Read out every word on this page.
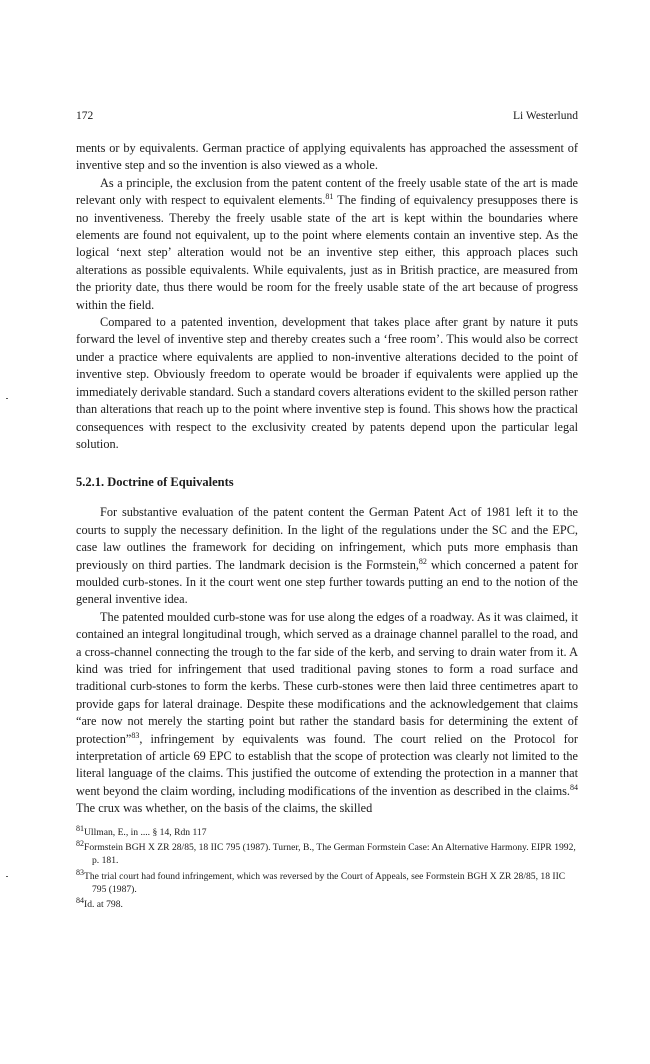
172	Li Westerlund

ments or by equivalents. German practice of applying equivalents has approached the assessment of inventive step and so the invention is also viewed as a whole.

As a principle, the exclusion from the patent content of the freely usable state of the art is made relevant only with respect to equivalent elements.$^{81}$ The finding of equivalency presupposes there is no inventiveness. Thereby the freely usable state of the art is kept within the boundaries where elements are found not equivalent, up to the point where elements contain an inventive step. As the logical ‘next step’ alteration would not be an inventive step either, this approach places such alterations as possible equivalents. While equivalents, just as in British practice, are measured from the priority date, thus there would be room for the freely usable state of the art because of progress within the field.

Compared to a patented invention, development that takes place after grant by nature it puts forward the level of inventive step and thereby creates such a ‘free room’. This would also be correct under a practice where equivalents are applied to non-inventive alterations decided to the point of inventive step. Obviously freedom to operate would be broader if equivalents were applied up the immediately derivable standard. Such a standard covers alterations evident to the skilled person rather than alterations that reach up to the point where inventive step is found. This shows how the practical consequences with respect to the exclusivity created by patents depend upon the particular legal solution.

5.2.1. Doctrine of Equivalents

For substantive evaluation of the patent content the German Patent Act of 1981 left it to the courts to supply the necessary definition. In the light of the regulations under the SC and the EPC, case law outlines the framework for deciding on infringement, which puts more emphasis than previously on third parties. The landmark decision is the Formstein,$^{82}$ which concerned a patent for moulded curb-stones. In it the court went one step further towards putting an end to the notion of the general inventive idea.

The patented moulded curb-stone was for use along the edges of a roadway. As it was claimed, it contained an integral longitudinal trough, which served as a drainage channel parallel to the road, and a cross-channel connecting the trough to the far side of the kerb, and serving to drain water from it. A kind was tried for infringement that used traditional paving stones to form a road surface and traditional curb-stones to form the kerbs. These curb-stones were then laid three centimetres apart to provide gaps for lateral drainage. Despite these modifications and the acknowledgement that claims “are now not merely the starting point but rather the standard basis for determining the extent of protection”$^{83}$, infringement by equivalents was found. The court relied on the Protocol for interpretation of article 69 EPC to establish that the scope of protection was clearly not limited to the literal language of the claims. This justified the outcome of extending the protection in a manner that went beyond the claim wording, including modifications of the invention as described in the claims.$^{84}$ The crux was whether, on the basis of the claims, the skilled

$^{81}$Ullman, E., in .... § 14, Rdn 117

$^{82}$Formstein BGH X ZR 28/85, 18 IIC 795 (1987). Turner, B., The German Formstein Case: An Alternative Harmony. EIPR 1992, p. 181.

$^{83}$The trial court had found infringement, which was reversed by the Court of Appeals, see Formstein BGH X ZR 28/85, 18 IIC 795 (1987).

$^{84}$Id. at 798.
